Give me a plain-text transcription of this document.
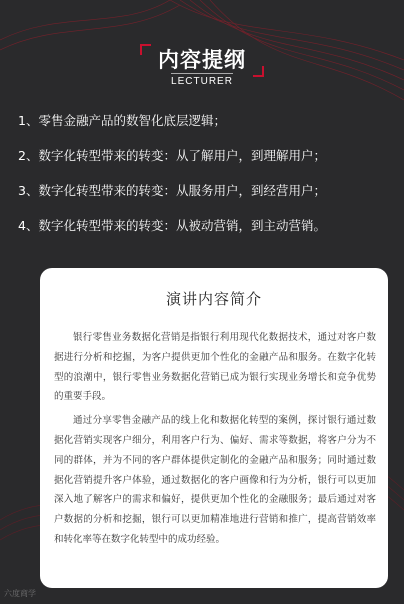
内容提纲
LECTURER
1、零售金融产品的数智化底层逻辑；
2、数字化转型带来的转变：从了解用户，到理解用户；
3、数字化转型带来的转变：从服务用户，到经营用户；
4、数字化转型带来的转变：从被动营销，到主动营销。
演讲内容简介

银行零售业务数据化营销是指银行利用现代化数据技术，通过对客户数据进行分析和挖掘，为客户提供更加个性化的金融产品和服务。在数字化转型的浪潮中，银行零售业务数据化营销已成为银行实现业务增长和竞争优势的重要手段。

通过分享零售金融产品的线上化和数据化转型的案例，探讨银行通过数据化营销实现客户细分，利用客户行为、偏好、需求等数据，将客户分为不同的群体，并为不同的客户群体提供定制化的金融产品和服务；同时通过数据化营销提升客户体验，通过数据化的客户画像和行为分析，银行可以更加深入地了解客户的需求和偏好，提供更加个性化的金融服务；最后通过对客户数据的分析和挖掘，银行可以更加精准地进行营销和推广，提高营销效率和转化率等在数字化转型中的成功经验。

六度商学
